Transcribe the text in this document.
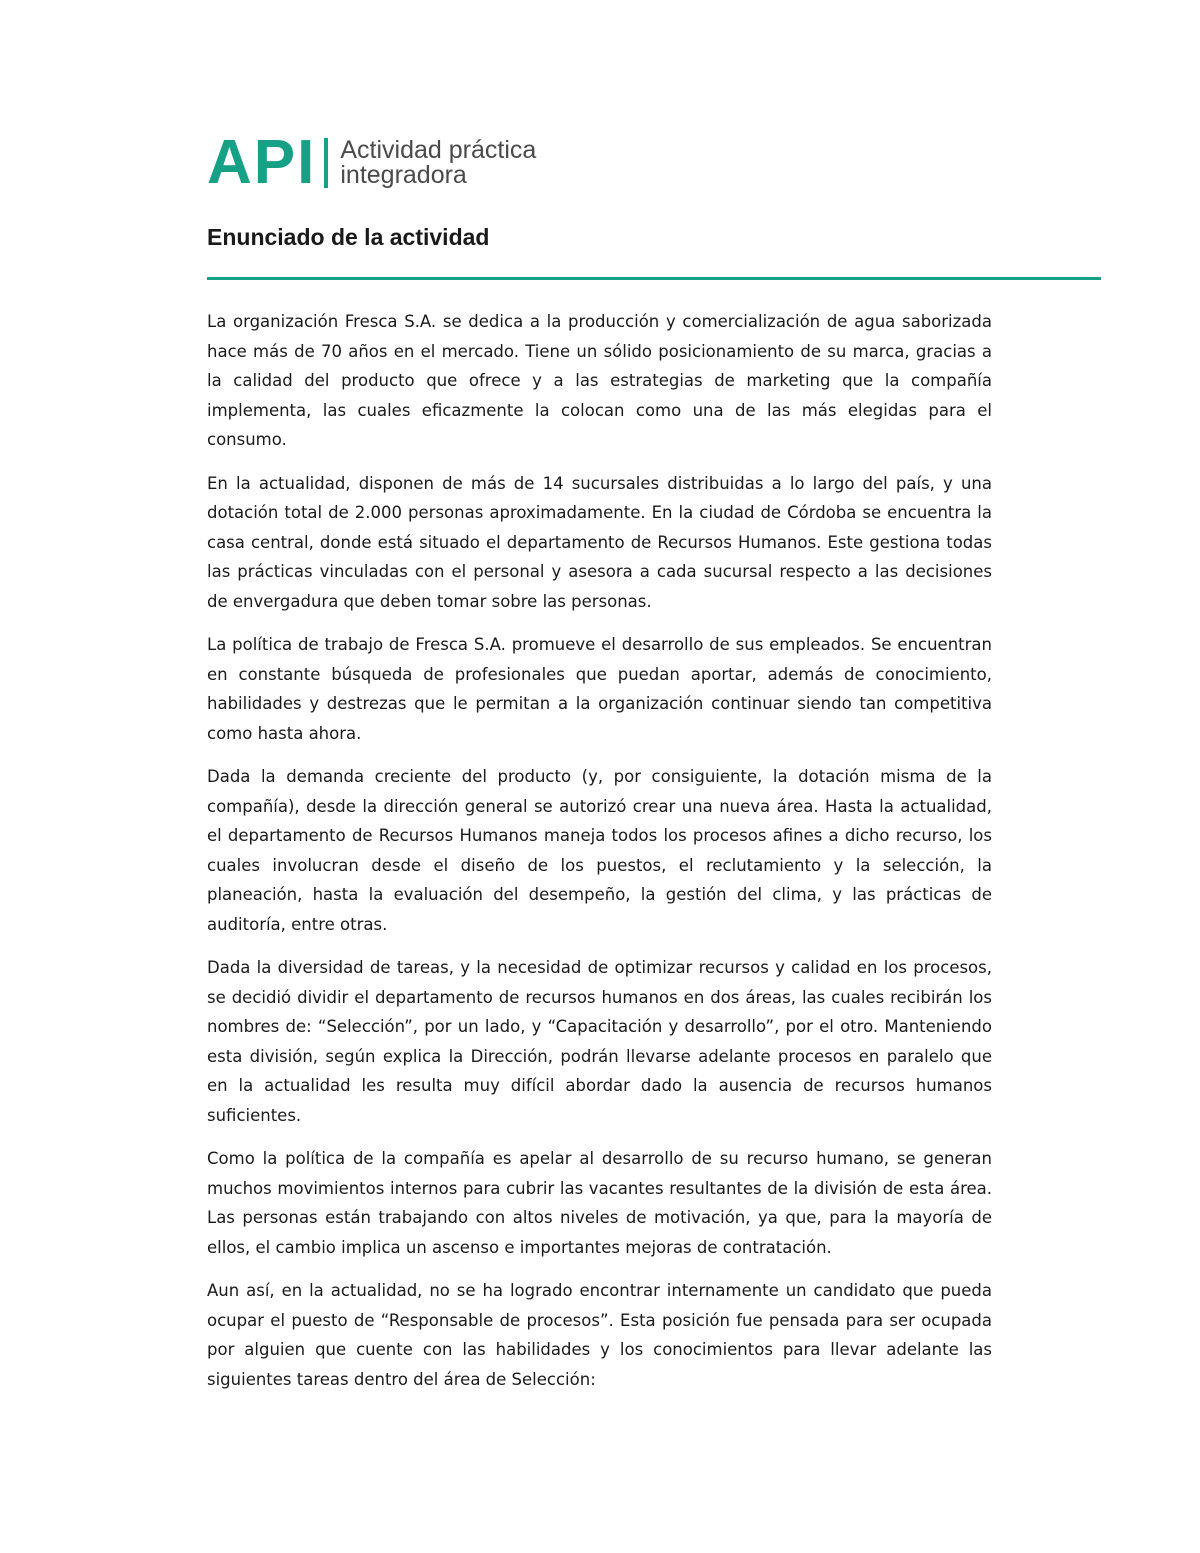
API Actividad práctica
integradora
Enunciado de la actividad

La organización Fresca S.A. se dedica a la producción y comercialización de agua saborizada hace más de 70 años en el mercado. Tiene un sólido posicionamiento de su marca, gracias a la calidad del producto que ofrece y a las estrategias de marketing que la compañía implementa, las cuales eficazmente la colocan como una de las más elegidas para el consumo.

En la actualidad, disponen de más de 14 sucursales distribuidas a lo largo del país, y una dotación total de 2.000 personas aproximadamente. En la ciudad de Córdoba se encuentra la casa central, donde está situado el departamento de Recursos Humanos. Este gestiona todas las prácticas vinculadas con el personal y asesora a cada sucursal respecto a las decisiones de envergadura que deben tomar sobre las personas.

La política de trabajo de Fresca S.A. promueve el desarrollo de sus empleados. Se encuentran en constante búsqueda de profesionales que puedan aportar, además de conocimiento, habilidades y destrezas que le permitan a la organización continuar siendo tan competitiva como hasta ahora.

Dada la demanda creciente del producto (y, por consiguiente, la dotación misma de la compañía), desde la dirección general se autorizó crear una nueva área. Hasta la actualidad, el departamento de Recursos Humanos maneja todos los procesos afines a dicho recurso, los cuales involucran desde el diseño de los puestos, el reclutamiento y la selección, la planeación, hasta la evaluación del desempeño, la gestión del clima, y las prácticas de auditoría, entre otras.

Dada la diversidad de tareas, y la necesidad de optimizar recursos y calidad en los procesos, se decidió dividir el departamento de recursos humanos en dos áreas, las cuales recibirán los nombres de: “Selección”, por un lado, y “Capacitación y desarrollo”, por el otro. Manteniendo esta división, según explica la Dirección, podrán llevarse adelante procesos en paralelo que en la actualidad les resulta muy difícil abordar dado la ausencia de recursos humanos suficientes.

Como la política de la compañía es apelar al desarrollo de su recurso humano, se generan muchos movimientos internos para cubrir las vacantes resultantes de la división de esta área. Las personas están trabajando con altos niveles de motivación, ya que, para la mayoría de ellos, el cambio implica un ascenso e importantes mejoras de contratación.

Aun así, en la actualidad, no se ha logrado encontrar internamente un candidato que pueda ocupar el puesto de “Responsable de procesos”. Esta posición fue pensada para ser ocupada por alguien que cuente con las habilidades y los conocimientos para llevar adelante las siguientes tareas dentro del área de Selección:
